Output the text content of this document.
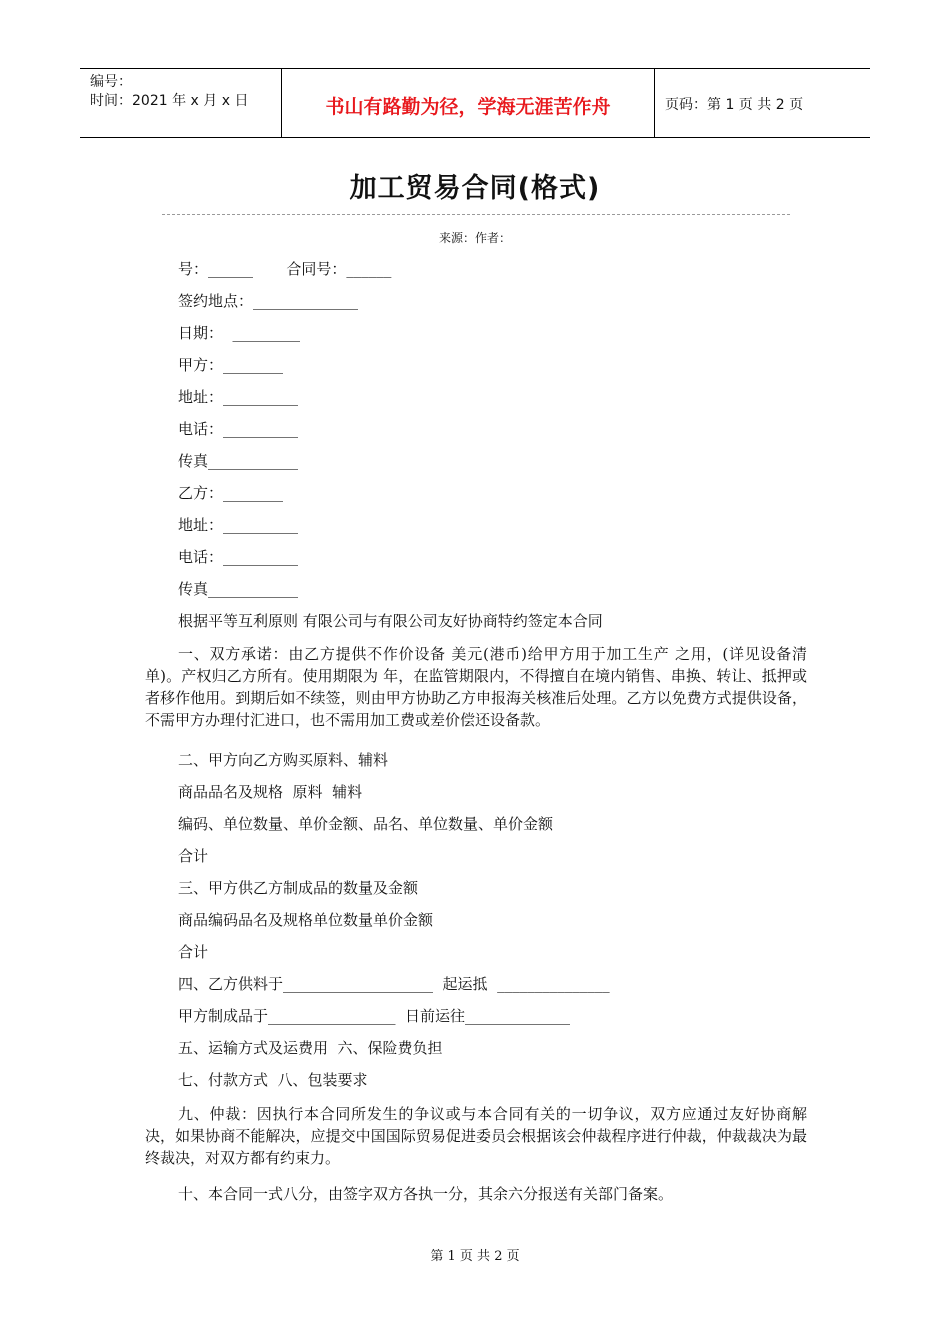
编号：
时间：2021 年 x 月 x 日	书山有路勤为径，学海无涯苦作舟	页码：第 1 页 共 2 页
加工贸易合同(格式)
来源：作者：
号：______       合同号：______
签约地点：______________
日期：  _________
甲方：________
地址：__________
电话：__________
传真____________
乙方：________
地址：__________
电话：__________
传真____________
根据平等互利原则 有限公司与有限公司友好协商特约签定本合同
一、双方承诺：由乙方提供不作价设备 美元(港币)给甲方用于加工生产 之用，(详见设备清单)。产权归乙方所有。使用期限为 年，在监管期限内，不得擅自在境内销售、串换、转让、抵押或者移作他用。到期后如不续签，则由甲方协助乙方申报海关核准后处理。乙方以免费方式提供设备，不需甲方办理付汇进口，也不需用加工费或差价偿还设备款。
二、甲方向乙方购买原料、辅料
商品品名及规格  原料  辅料
编码、单位数量、单价金额、品名、单位数量、单价金额
合计
三、甲方供乙方制成品的数量及金额
商品编码品名及规格单位数量单价金额
合计
四、乙方供料于____________________  起运抵  _______________
甲方制成品于_________________  日前运往______________
五、运输方式及运费用  六、保险费负担
七、付款方式  八、包装要求
九、仲裁：因执行本合同所发生的争议或与本合同有关的一切争议，双方应通过友好协商解决，如果协商不能解决，应提交中国国际贸易促进委员会根据该会仲裁程序进行仲裁，仲裁裁决为最终裁决，对双方都有约束力。
十、本合同一式八分，由签字双方各执一分，其余六分报送有关部门备案。
第 1 页 共 2 页
